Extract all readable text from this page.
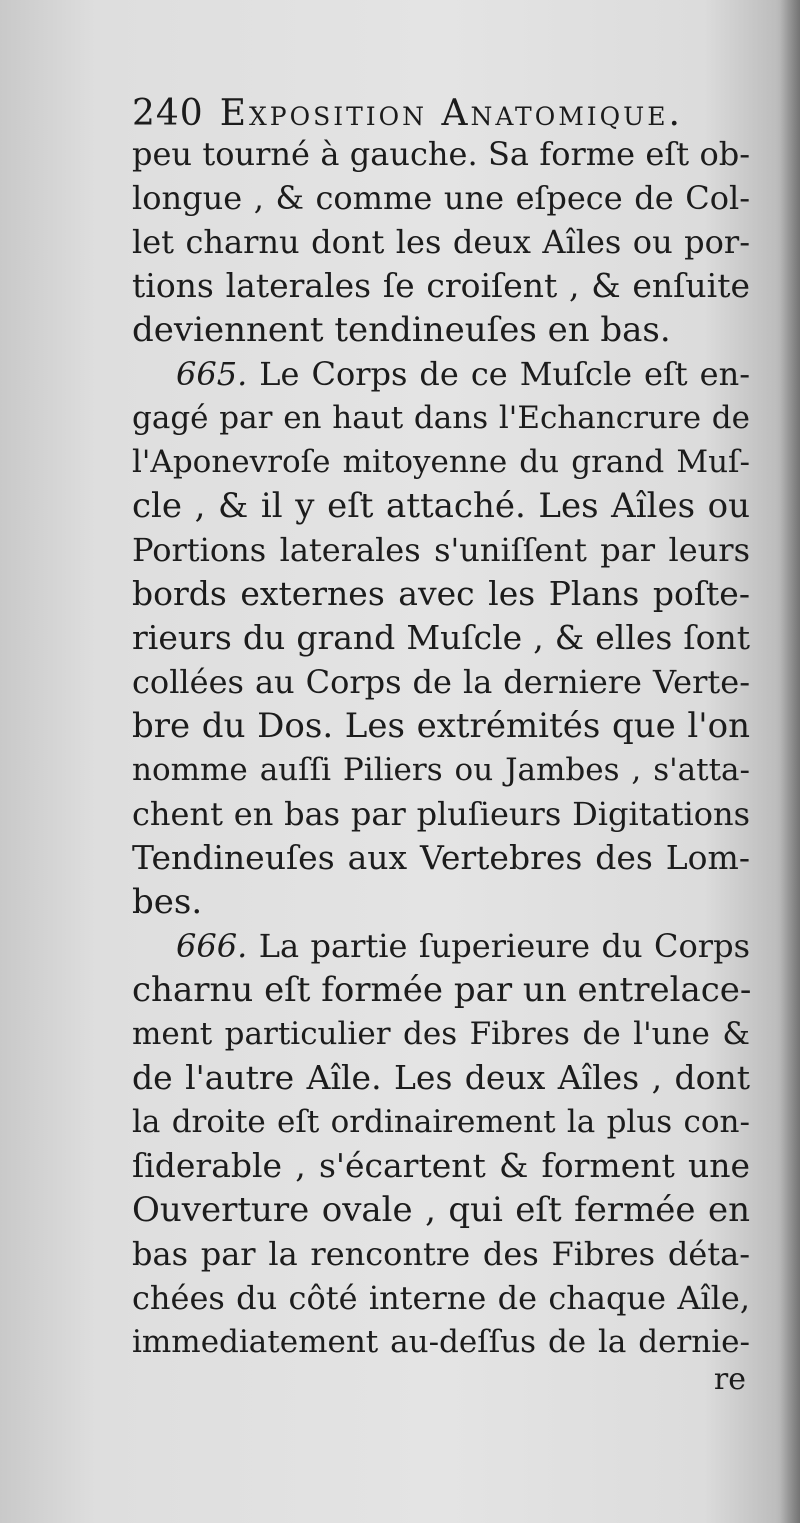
240 Exposition Anatomique.
peu tourné à gauche. Sa forme eſt ob-
longue , & comme une eſpece de Col-
let charnu dont les deux Aîles ou por-
tions laterales ſe croiſent , & enſuite
deviennent tendineuſes en bas.
665. Le Corps de ce Muſcle eſt en-
gagé par en haut dans l'Echancrure de
l'Aponevroſe mitoyenne du grand Muſ-
cle , & il y eſt attaché. Les Aîles ou
Portions laterales s'uniſſent par leurs
bords externes avec les Plans poſte-
rieurs du grand Muſcle , & elles ſont
collées au Corps de la derniere Verte-
bre du Dos. Les extrémités que l'on
nomme auſſi Piliers ou Jambes , s'atta-
chent en bas par pluſieurs Digitations
Tendineuſes aux Vertebres des Lom-
bes.
666. La partie ſuperieure du Corps
charnu eſt formée par un entrelace-
ment particulier des Fibres de l'une &
de l'autre Aîle. Les deux Aîles , dont
la droite eſt ordinairement la plus con-
ſiderable , s'écartent & forment une
Ouverture ovale , qui eſt fermée en
bas par la rencontre des Fibres déta-
chées du côté interne de chaque Aîle,
immediatement au-deſſus de la dernie-
re
